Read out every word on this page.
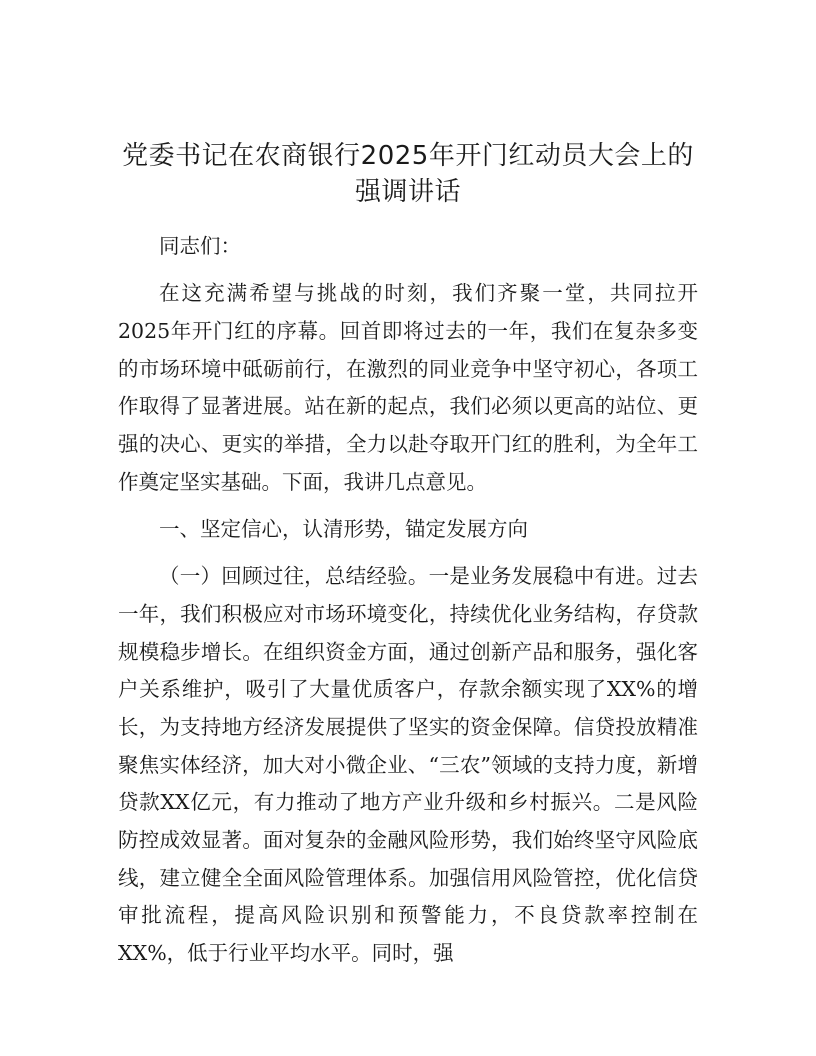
党委书记在农商银行2025年开门红动员大会上的强调讲话

同志们：

在这充满希望与挑战的时刻，我们齐聚一堂，共同拉开2025年开门红的序幕。回首即将过去的一年，我们在复杂多变的市场环境中砥砺前行，在激烈的同业竞争中坚守初心，各项工作取得了显著进展。站在新的起点，我们必须以更高的站位、更强的决心、更实的举措，全力以赴夺取开门红的胜利，为全年工作奠定坚实基础。下面，我讲几点意见。

一、坚定信心，认清形势，锚定发展方向

（一）回顾过往，总结经验。一是业务发展稳中有进。过去一年，我们积极应对市场环境变化，持续优化业务结构，存贷款规模稳步增长。在组织资金方面，通过创新产品和服务，强化客户关系维护，吸引了大量优质客户，存款余额实现了XX%的增长，为支持地方经济发展提供了坚实的资金保障。信贷投放精准聚焦实体经济，加大对小微企业、“三农”领域的支持力度，新增贷款XX亿元，有力推动了地方产业升级和乡村振兴。二是风险防控成效显著。面对复杂的金融风险形势，我们始终坚守风险底线，建立健全全面风险管理体系。加强信用风险管控，优化信贷审批流程，提高风险识别和预警能力，不良贷款率控制在XX%，低于行业平均水平。同时，强
